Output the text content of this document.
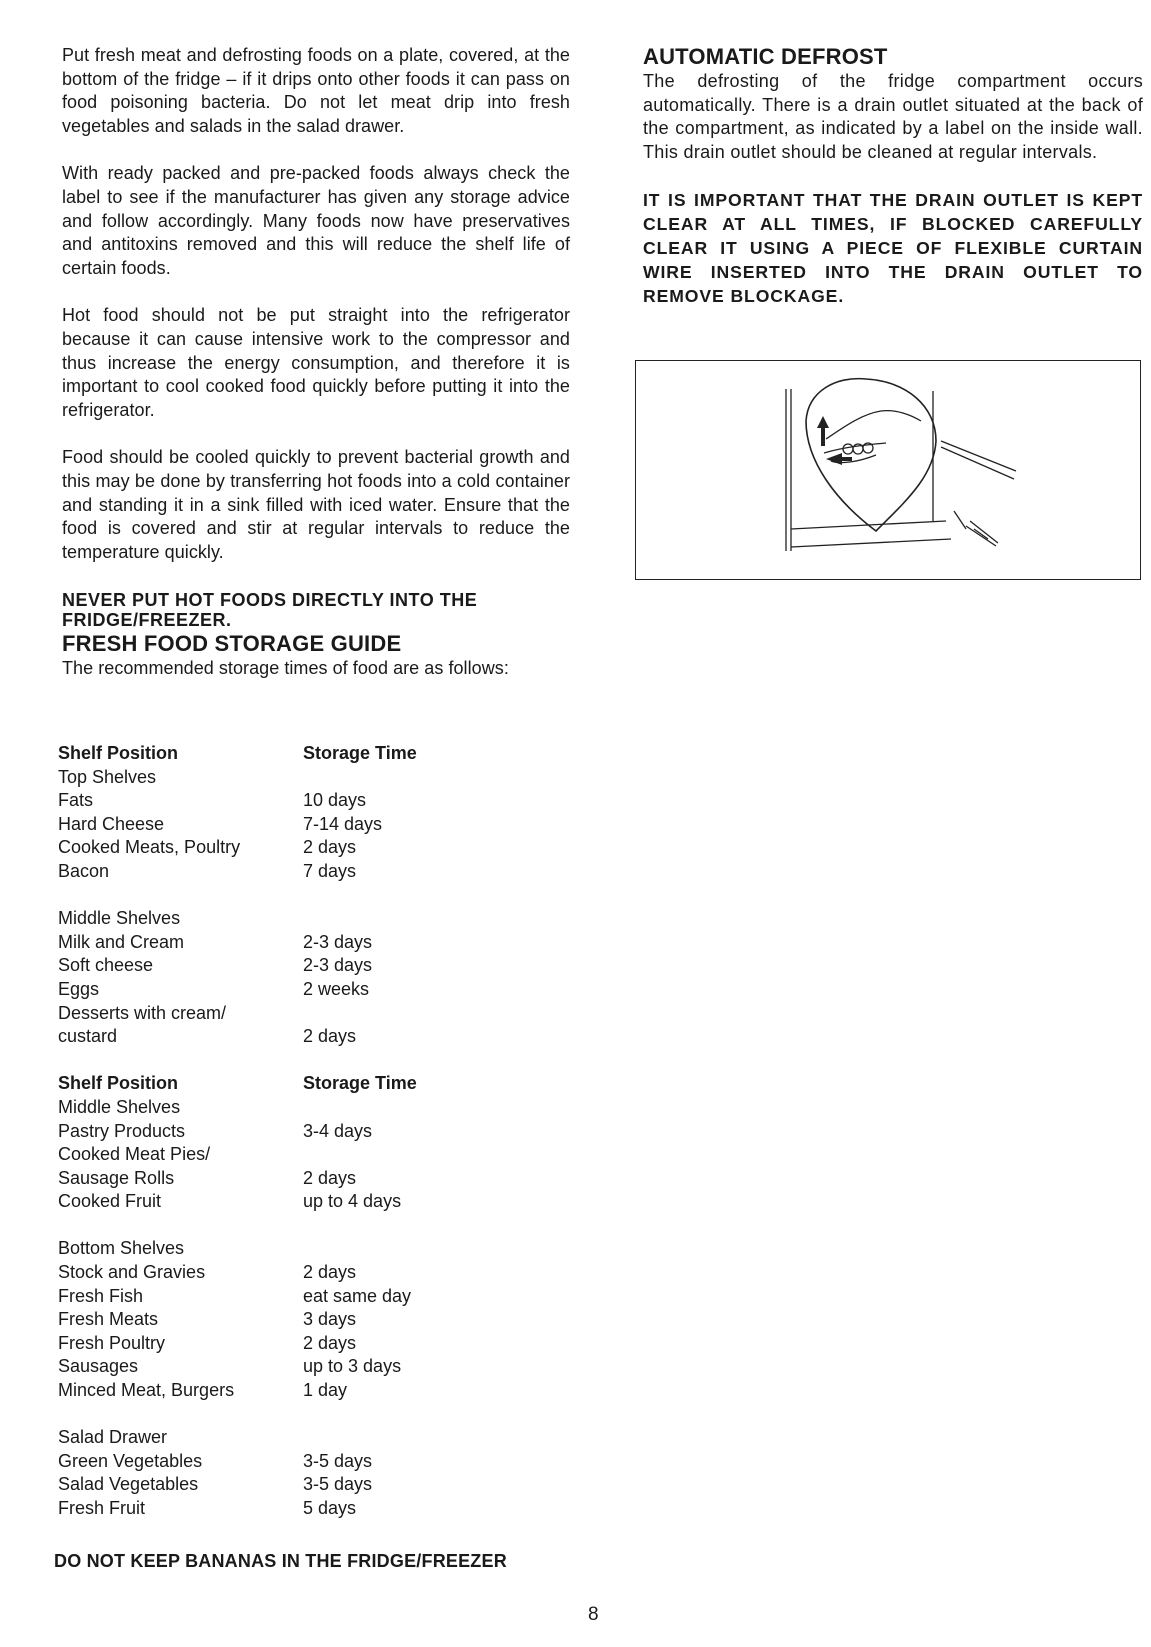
Put fresh meat and defrosting foods on a plate, covered, at the bottom of the fridge – if it drips onto other foods it can pass on food poisoning bacteria. Do not let meat drip into fresh vegetables and salads in the salad drawer.

With ready packed and pre-packed foods always check the label to see if the manufacturer has given any storage advice and follow accordingly. Many foods now have preservatives and antitoxins removed and this will reduce the shelf life of certain foods.

Hot food should not be put straight into the refrigerator because it can cause intensive work to the compressor and thus increase the energy consumption, and therefore it is important to cool cooked food quickly before putting it into the refrigerator.

Food should be cooled quickly to prevent bacterial growth and this may be done by transferring hot foods into a cold container and standing it in a sink filled with iced water. Ensure that the food is covered and stir at regular intervals to reduce the temperature quickly.

NEVER PUT HOT FOODS DIRECTLY INTO THE
FRIDGE/FREEZER.

FRESH FOOD STORAGE GUIDE

The recommended storage times of food are as follows:

Shelf Position	Storage Time
Top Shelves
Fats	10 days
Hard Cheese	7-14 days
Cooked Meats, Poultry	2 days
Bacon	7 days
Middle Shelves
Milk and Cream	2-3 days
Soft cheese	2-3 days
Eggs	2 weeks
Desserts with cream/
custard	2 days
Shelf Position	Storage Time
Middle Shelves
Pastry Products	3-4 days
Cooked Meat Pies/
Sausage Rolls	2 days
Cooked Fruit	up to 4 days
Bottom Shelves
Stock and Gravies	2 days
Fresh Fish	eat same day
Fresh Meats	3 days
Fresh Poultry	2 days
Sausages	up to 3 days
Minced Meat, Burgers	1 day
Salad Drawer
Green Vegetables	3-5 days
Salad Vegetables	3-5 days
Fresh Fruit	5 days
DO NOT KEEP BANANAS IN THE FRIDGE/FREEZER

AUTOMATIC DEFROST

The defrosting of the fridge compartment occurs automatically. There is a drain outlet situated at the back of the compartment, as indicated by a label on the inside wall. This drain outlet should be cleaned at regular intervals.

IT IS IMPORTANT THAT THE DRAIN OUTLET IS KEPT CLEAR AT ALL TIMES, IF BLOCKED CAREFULLY CLEAR IT USING A PIECE OF FLEXIBLE CURTAIN WIRE INSERTED INTO THE DRAIN OUTLET TO REMOVE BLOCKAGE.

8
